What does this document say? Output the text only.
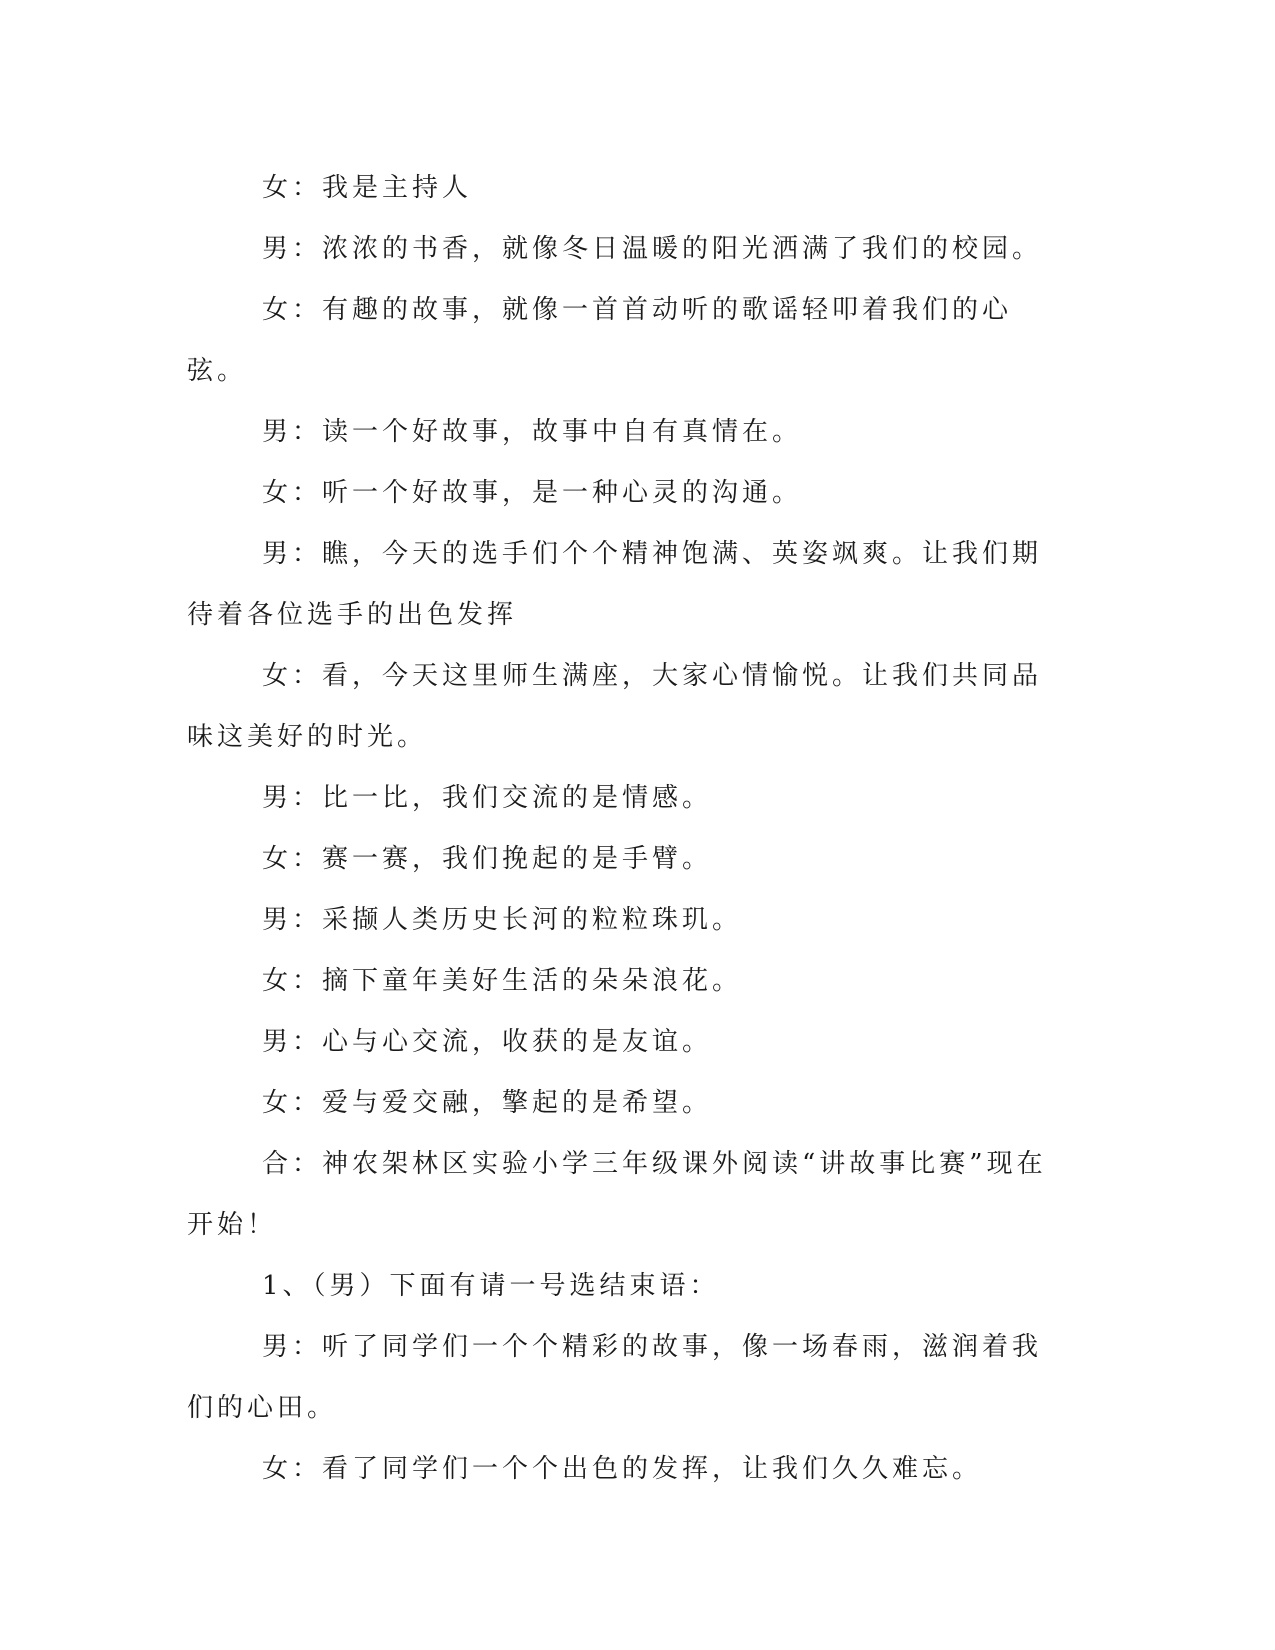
女：我是主持人

男：浓浓的书香，就像冬日温暖的阳光洒满了我们的校园。

女：有趣的故事，就像一首首动听的歌谣轻叩着我们的心弦。

男：读一个好故事，故事中自有真情在。

女：听一个好故事，是一种心灵的沟通。

男：瞧，今天的选手们个个精神饱满、英姿飒爽。让我们期待着各位选手的出色发挥

女：看，今天这里师生满座，大家心情愉悦。让我们共同品味这美好的时光。

男：比一比，我们交流的是情感。

女：赛一赛，我们挽起的是手臂。

男：采撷人类历史长河的粒粒珠玑。

女：摘下童年美好生活的朵朵浪花。

男：心与心交流，收获的是友谊。

女：爱与爱交融，擎起的是希望。

合：神农架林区实验小学三年级课外阅读“讲故事比赛”现在开始！

1、（男）下面有请一号选结束语：

男：听了同学们一个个精彩的故事，像一场春雨，滋润着我们的心田。

女：看了同学们一个个出色的发挥，让我们久久难忘。
